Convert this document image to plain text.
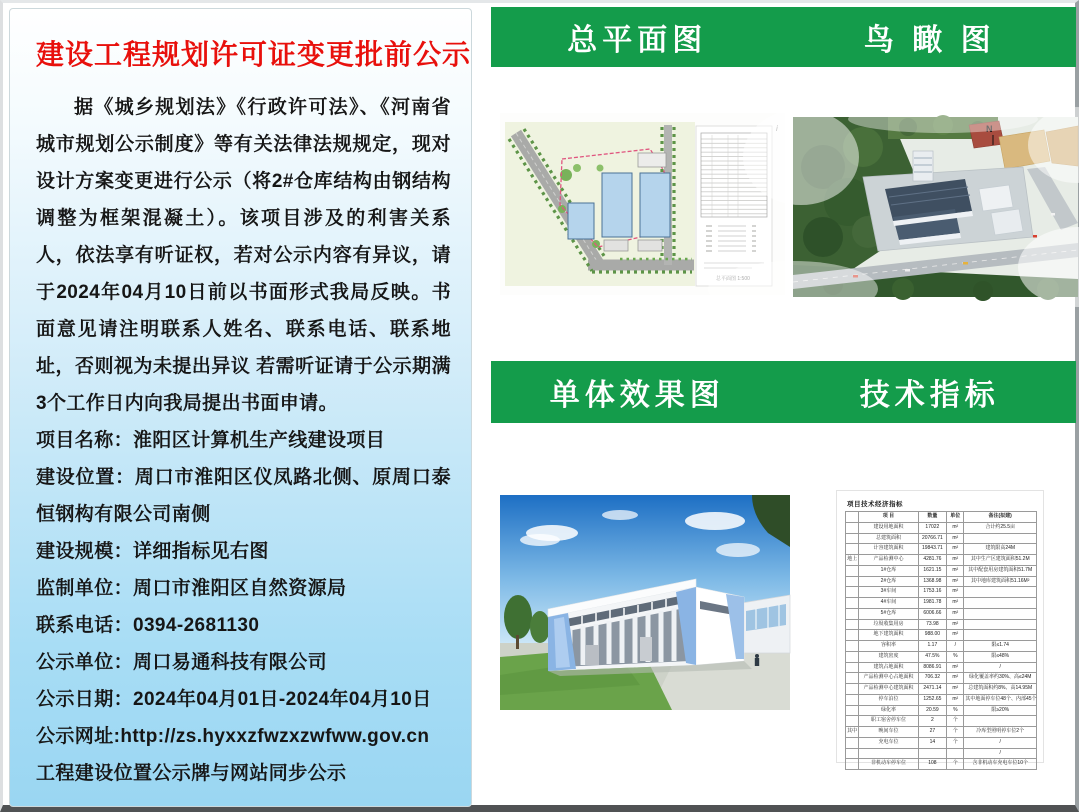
建设工程规划许可证变更批前公示
据《城乡规划法》《行政许可法》、《河南省城市规划公示制度》等有关法律法规规定，现对设计方案变更进行公示（将2#仓库结构由钢结构调整为框架混凝土）。该项目涉及的利害关系人，依法享有听证权，若对公示内容有异议，请于2024年04月10日前以书面形式我局反映。书面意见请注明联系人姓名、联系电话、联系地址，否则视为未提出异议 若需听证请于公示期满3个工作日内向我局提出书面申请。
项目名称：淮阳区计算机生产线建设项目
建设位置：周口市淮阳区仪凤路北侧、原周口泰恒钢构有限公司南侧
建设规模：详细指标见右图
监制单位：周口市淮阳区自然资源局
联系电话：0394-2681130
公示单位：周口易通科技有限公司
公示日期：2024年04月01日-2024年04月10日
公示网址:http://zs.hyxxzfwzxzwfww.gov.cn
工程建设位置公示牌与网站同步公示
总平面图	鸟 瞰 图
单体效果图	技术指标
总平面图 1:500
N
项目技术经济指标
	项 目	数量	单位	备注(拟建)
	建设用地面积	17022	m²	合计约25.5亩
	总建筑面积	20766.71	m²	
	计容建筑面积	19843.71	m²	建筑限高24M
地上	产品检测中心	4281.76	m²	其中生产区建筑面积51.2M
	1#仓库	1621.15	m²	其中配套用房建筑面积51.7M
	2#仓库	1368.98	m²	其中地库建筑面积51.16M²
	3#车间	1753.16	m²	
	4#车间	1981.78	m²	
	5#仓库	6006.66	m²	
	垃圾收集用房	73.98	m²	
	地下建筑面积	988.00	m²	
	容积率	1.17	/	限≤1.74
	建筑密度	47.5%	%	限≤48%
	建筑占地面积	8086.91	m²	/
	产品检测中心占地面积	706.32	m²	绿化覆盖率约30%、高≤24M
	产品检测中心建筑面积	2471.14	m²	总建筑面积约8%、高14.95M
	停车泊位	1252.65	m²	其中地面停车位48个、内部45个
	绿化率	20.59	%	限≥20%
	职工宿舍停车位	2	个	
其中	晚间车位	27	个	冷库型照明停车位2个
	充电车位	14	个	/
				/
	非机动车停车位	108	个	含非机动车充电车位10个
